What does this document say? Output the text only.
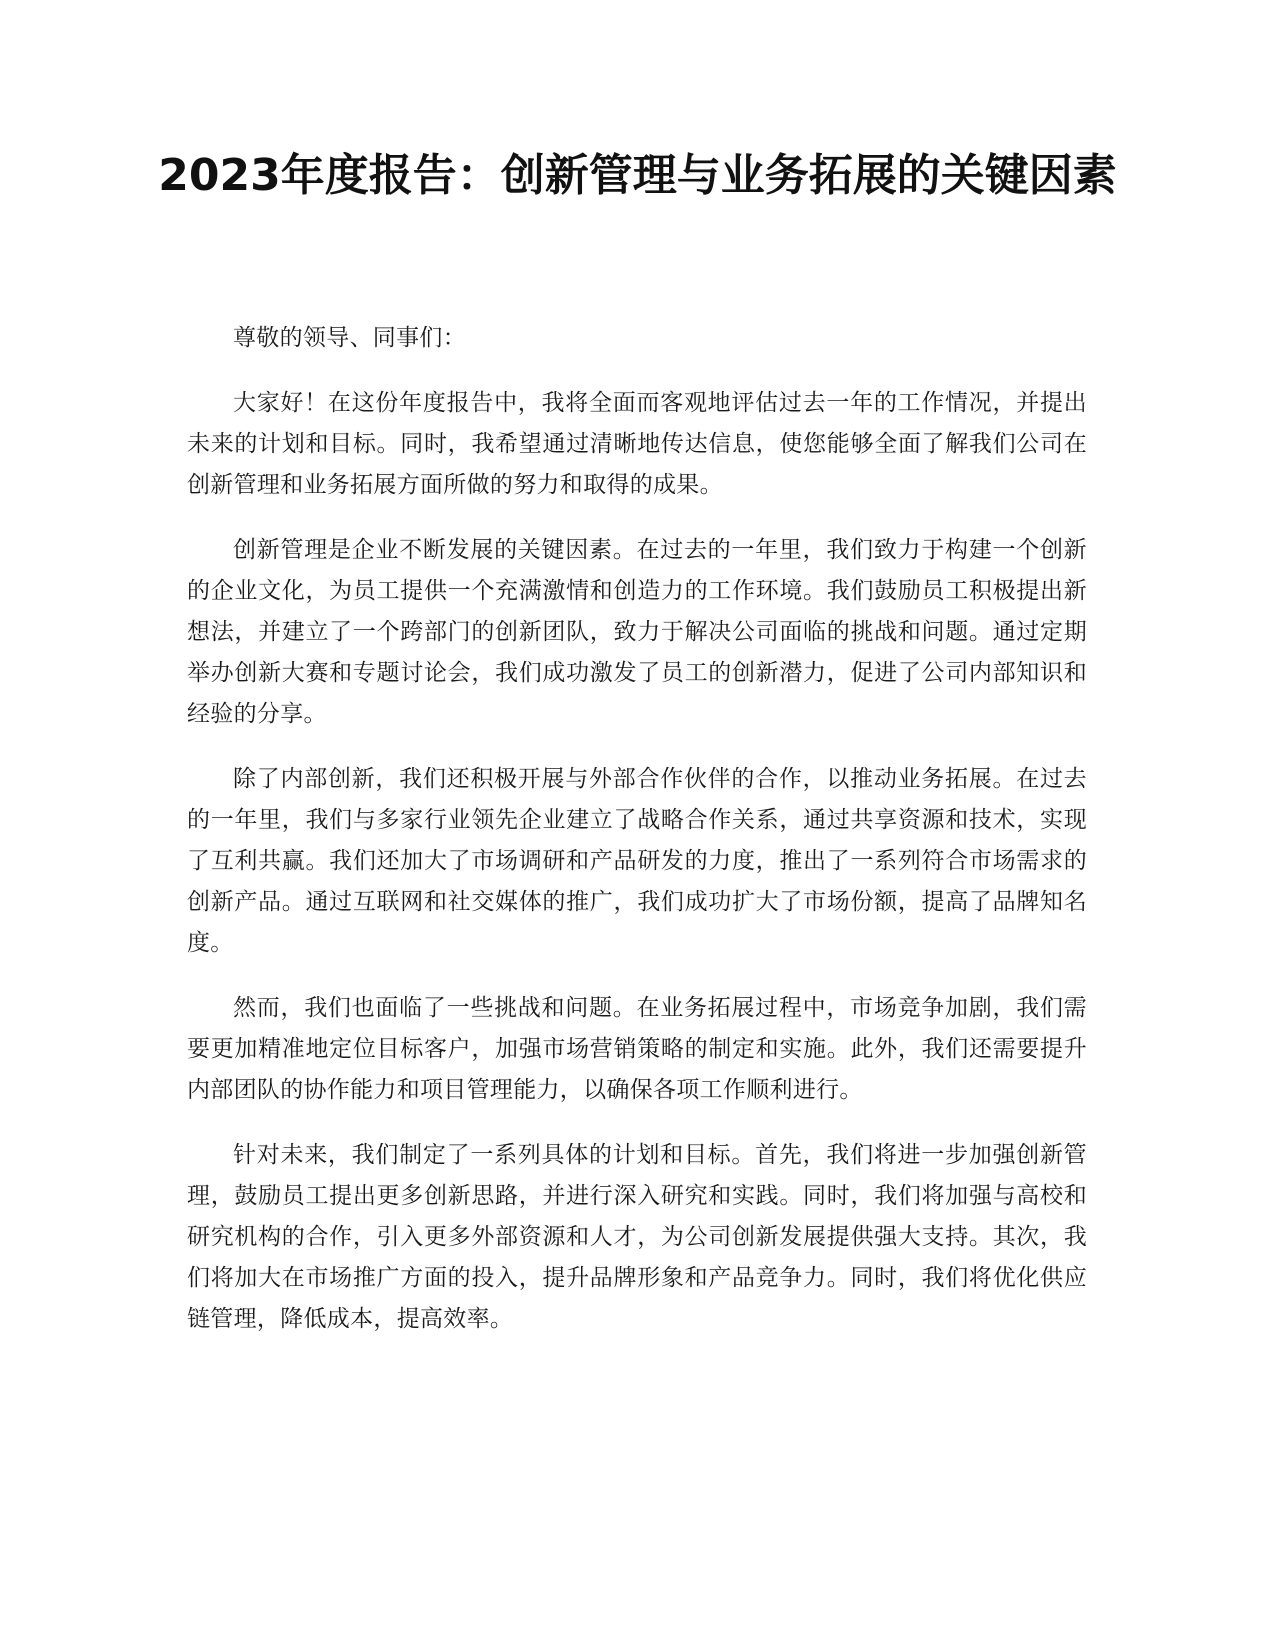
2023年度报告：创新管理与业务拓展的关键因素

尊敬的领导、同事们：

大家好！在这份年度报告中，我将全面而客观地评估过去一年的工作情况，并提出未来的计划和目标。同时，我希望通过清晰地传达信息，使您能够全面了解我们公司在创新管理和业务拓展方面所做的努力和取得的成果。

创新管理是企业不断发展的关键因素。在过去的一年里，我们致力于构建一个创新的企业文化，为员工提供一个充满激情和创造力的工作环境。我们鼓励员工积极提出新想法，并建立了一个跨部门的创新团队，致力于解决公司面临的挑战和问题。通过定期举办创新大赛和专题讨论会，我们成功激发了员工的创新潜力，促进了公司内部知识和经验的分享。

除了内部创新，我们还积极开展与外部合作伙伴的合作，以推动业务拓展。在过去的一年里，我们与多家行业领先企业建立了战略合作关系，通过共享资源和技术，实现了互利共赢。我们还加大了市场调研和产品研发的力度，推出了一系列符合市场需求的创新产品。通过互联网和社交媒体的推广，我们成功扩大了市场份额，提高了品牌知名度。

然而，我们也面临了一些挑战和问题。在业务拓展过程中，市场竞争加剧，我们需要更加精准地定位目标客户，加强市场营销策略的制定和实施。此外，我们还需要提升内部团队的协作能力和项目管理能力，以确保各项工作顺利进行。

针对未来，我们制定了一系列具体的计划和目标。首先，我们将进一步加强创新管理，鼓励员工提出更多创新思路，并进行深入研究和实践。同时，我们将加强与高校和研究机构的合作，引入更多外部资源和人才，为公司创新发展提供强大支持。其次，我们将加大在市场推广方面的投入，提升品牌形象和产品竞争力。同时，我们将优化供应链管理，降低成本，提高效率。
